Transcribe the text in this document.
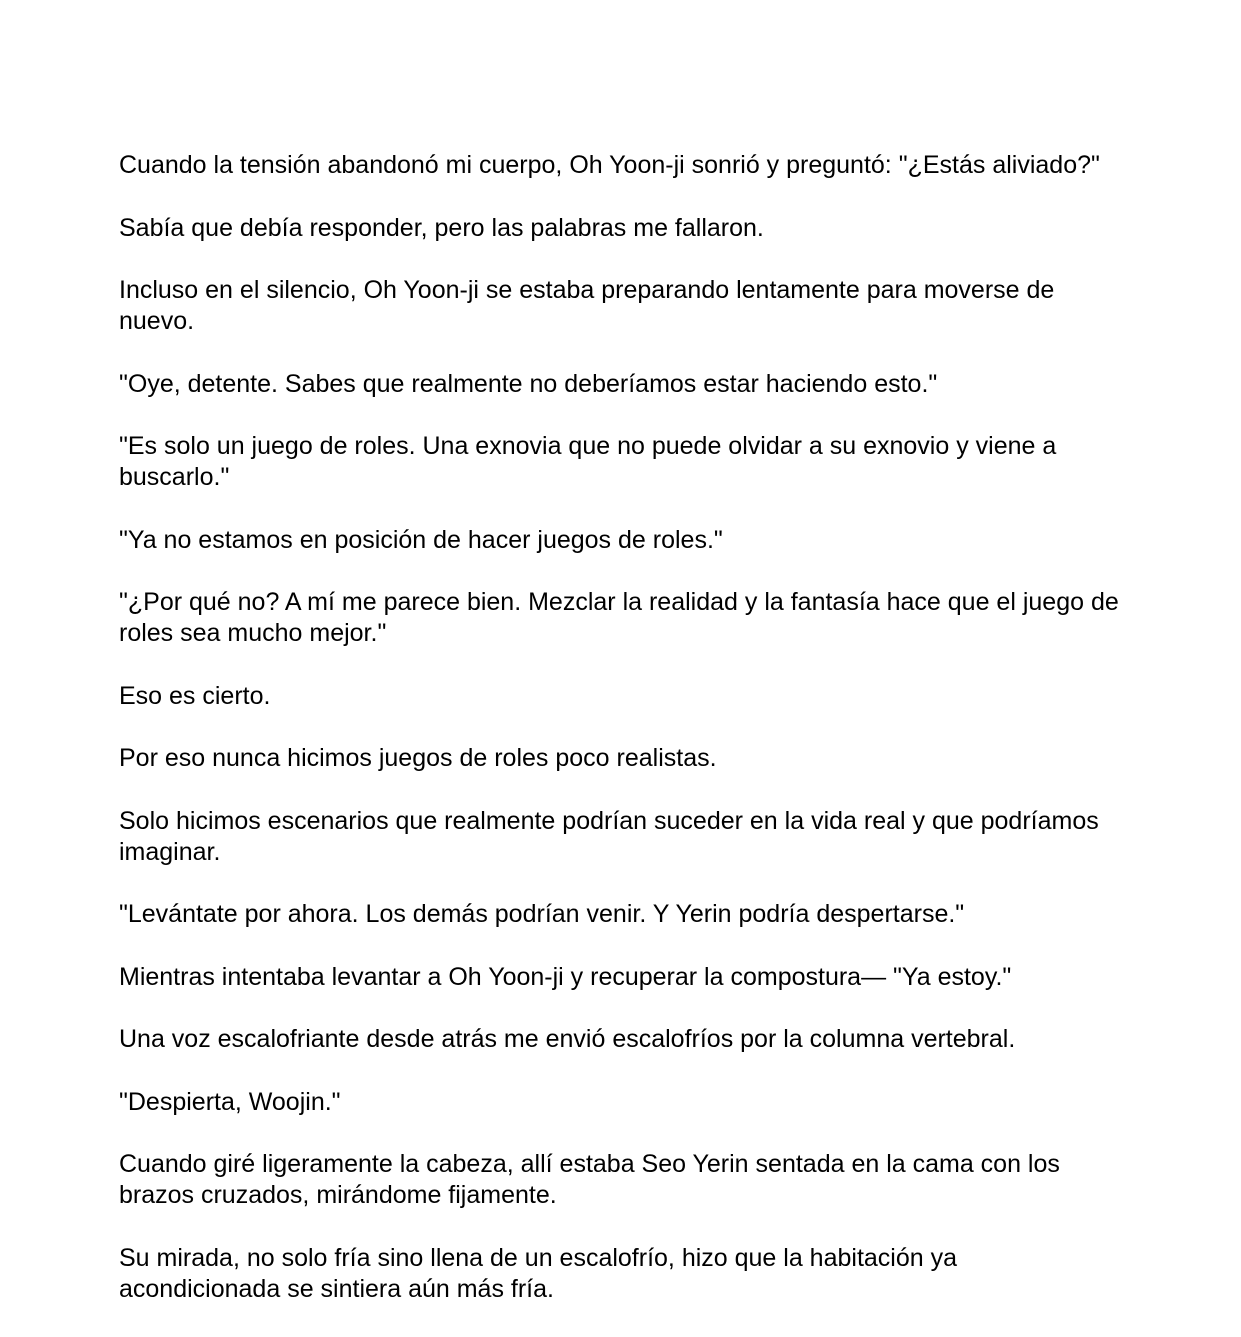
Cuando la tensión abandonó mi cuerpo, Oh Yoon-ji sonrió y preguntó: "¿Estás aliviado?"

Sabía que debía responder, pero las palabras me fallaron.

Incluso en el silencio, Oh Yoon-ji se estaba preparando lentamente para moverse de nuevo.

"Oye, detente. Sabes que realmente no deberíamos estar haciendo esto."

"Es solo un juego de roles. Una exnovia que no puede olvidar a su exnovio y viene a buscarlo."

"Ya no estamos en posición de hacer juegos de roles."

"¿Por qué no? A mí me parece bien. Mezclar la realidad y la fantasía hace que el juego de roles sea mucho mejor."

Eso es cierto.

Por eso nunca hicimos juegos de roles poco realistas.

Solo hicimos escenarios que realmente podrían suceder en la vida real y que podríamos imaginar.

"Levántate por ahora. Los demás podrían venir. Y Yerin podría despertarse."

Mientras intentaba levantar a Oh Yoon-ji y recuperar la compostura— "Ya estoy."

Una voz escalofriante desde atrás me envió escalofríos por la columna vertebral.

"Despierta, Woojin."

Cuando giré ligeramente la cabeza, allí estaba Seo Yerin sentada en la cama con los brazos cruzados, mirándome fijamente.

Su mirada, no solo fría sino llena de un escalofrío, hizo que la habitación ya acondicionada se sintiera aún más fría.
